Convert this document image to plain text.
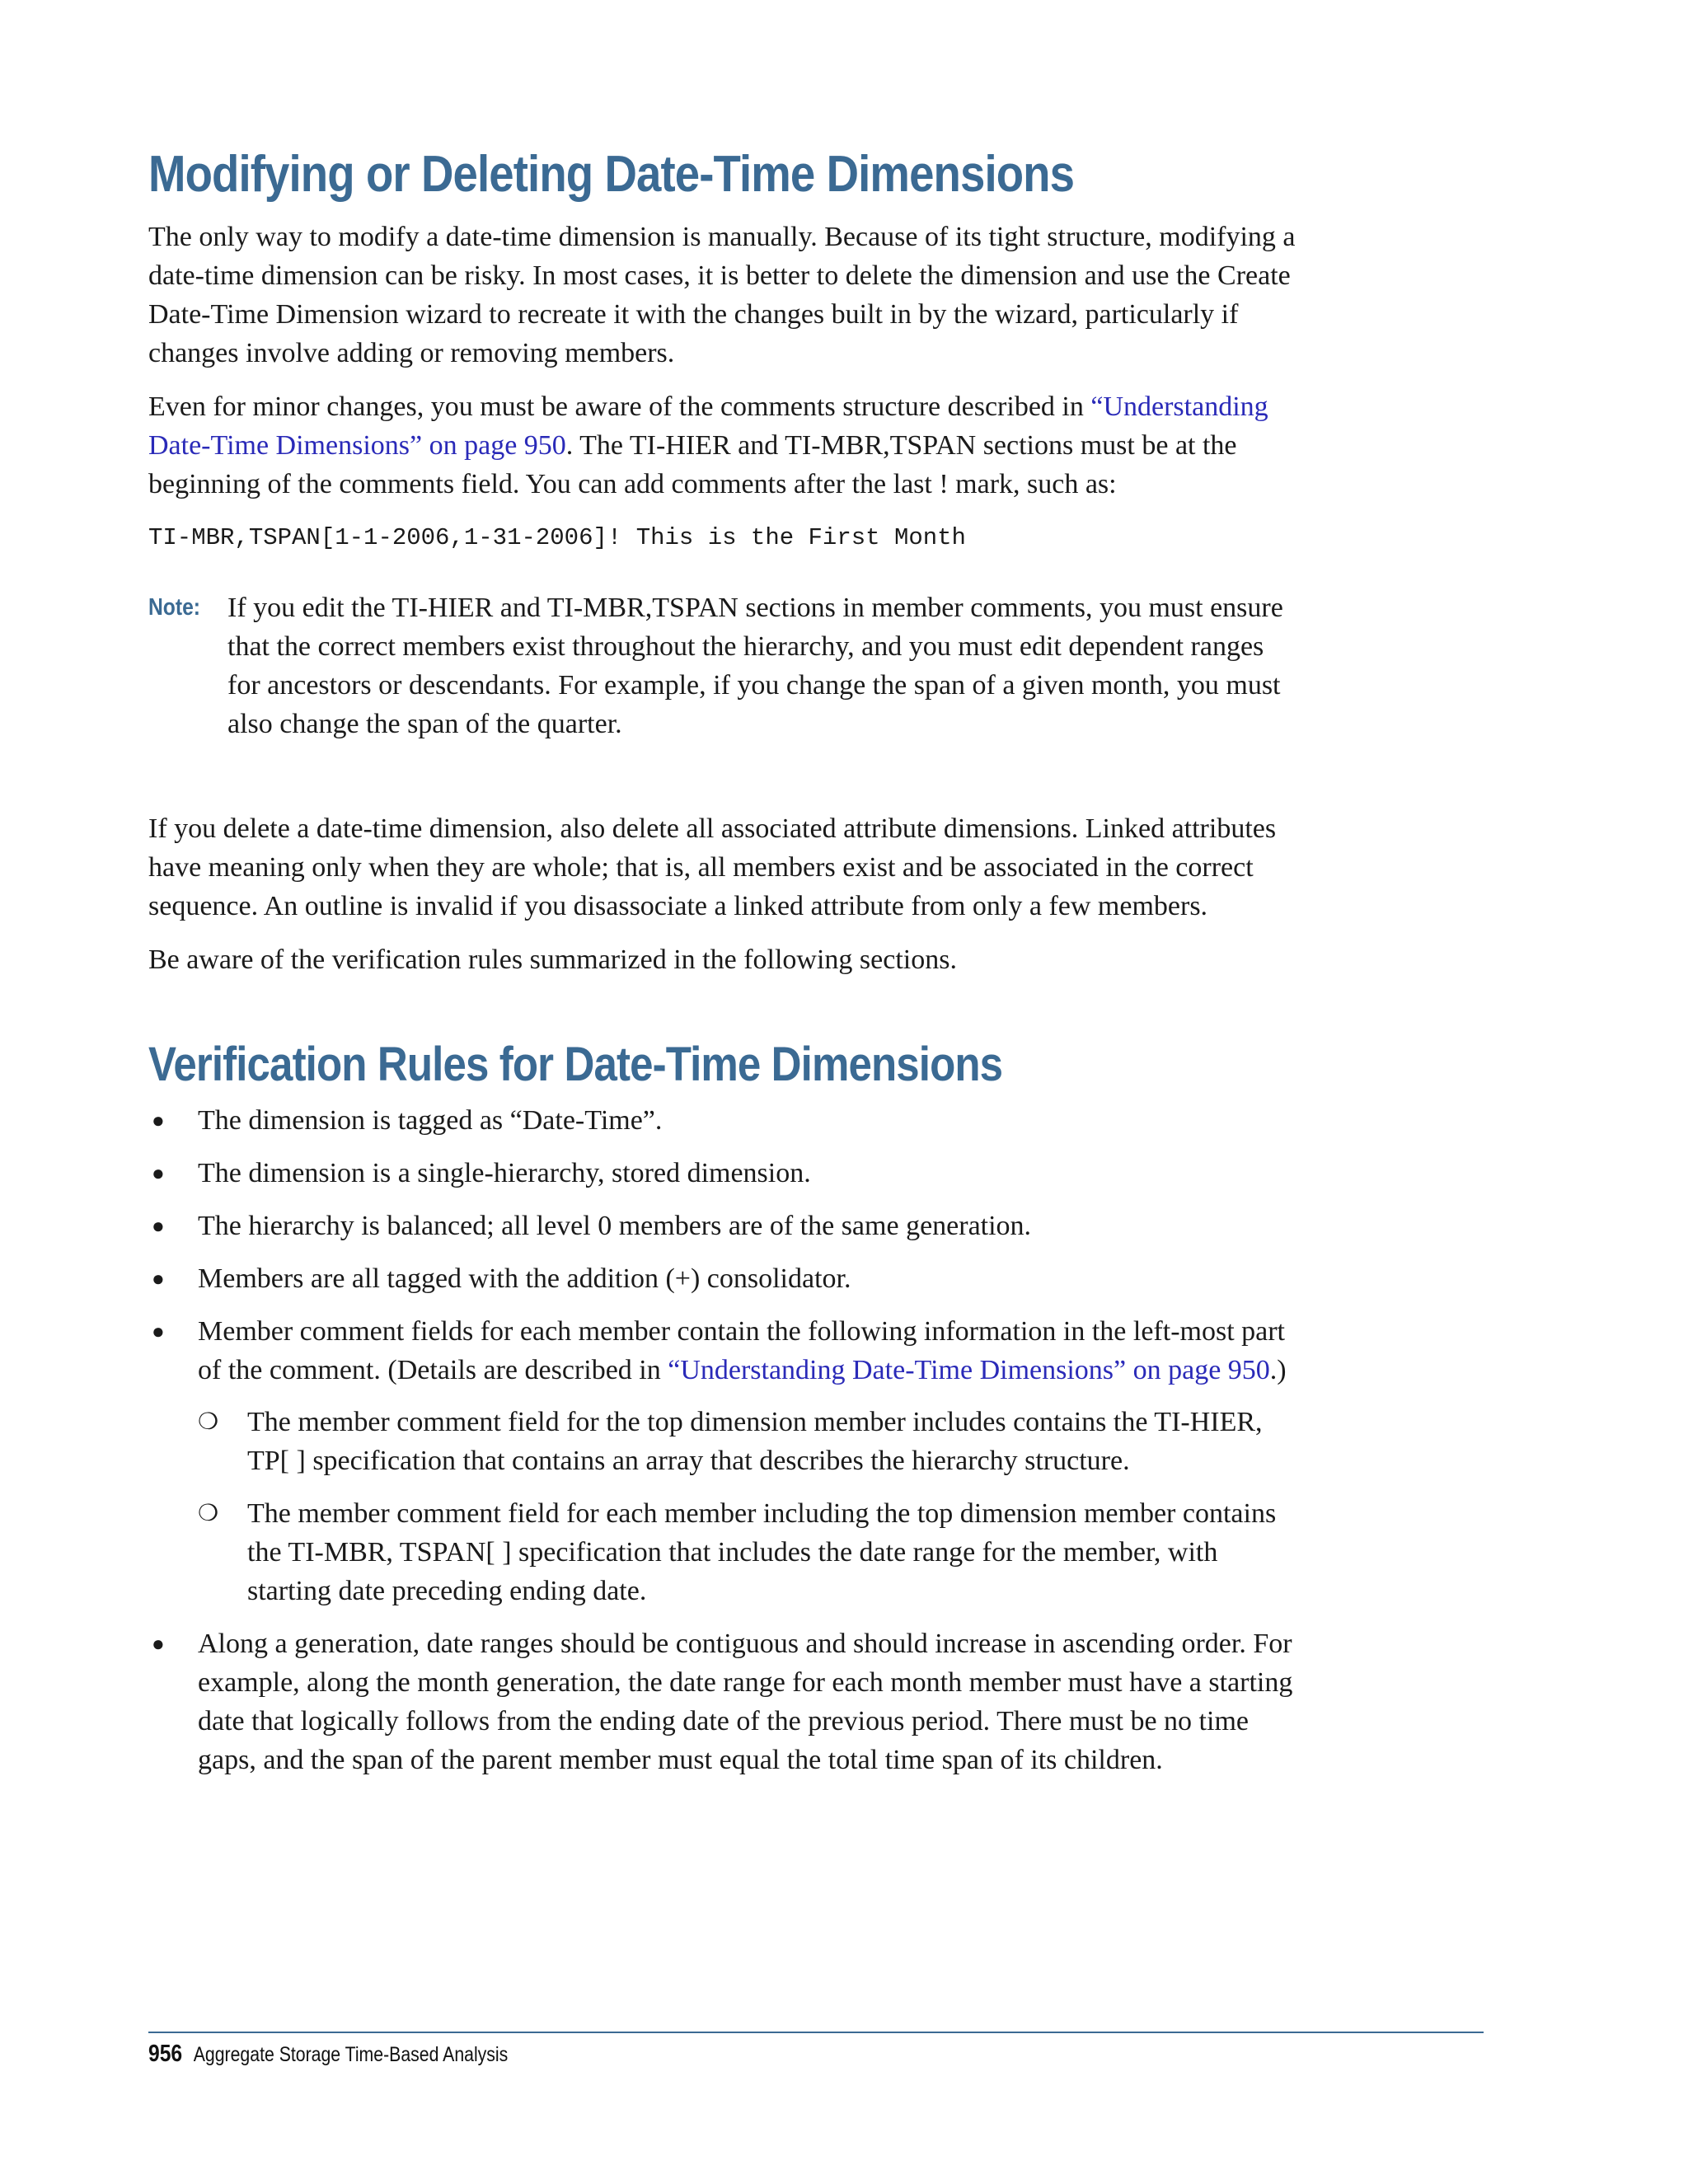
Modifying or Deleting Date-Time Dimensions

The only way to modify a date-time dimension is manually. Because of its tight structure, modifying a date-time dimension can be risky. In most cases, it is better to delete the dimension and use the Create Date-Time Dimension wizard to recreate it with the changes built in by the wizard, particularly if changes involve adding or removing members.

Even for minor changes, you must be aware of the comments structure described in “Understanding Date-Time Dimensions” on page 950. The TI-HIER and TI-MBR,TSPAN sections must be at the beginning of the comments field. You can add comments after the last ! mark, such as:

TI-MBR,TSPAN[1-1-2006,1-31-2006]! This is the First Month
Note: If you edit the TI-HIER and TI-MBR,TSPAN sections in member comments, you must ensure that the correct members exist throughout the hierarchy, and you must edit dependent ranges for ancestors or descendants. For example, if you change the span of a given month, you must also change the span of the quarter.

If you delete a date-time dimension, also delete all associated attribute dimensions. Linked attributes have meaning only when they are whole; that is, all members exist and be associated in the correct sequence. An outline is invalid if you disassociate a linked attribute from only a few members.

Be aware of the verification rules summarized in the following sections.

Verification Rules for Date-Time Dimensions
● The dimension is tagged as “Date-Time”.
● The dimension is a single-hierarchy, stored dimension.
● The hierarchy is balanced; all level 0 members are of the same generation.
● Members are all tagged with the addition (+) consolidator.
● Member comment fields for each member contain the following information in the left-most part of the comment. (Details are described in “Understanding Date-Time Dimensions” on page 950.)
❍ The member comment field for the top dimension member includes contains the TI-HIER, TP[ ] specification that contains an array that describes the hierarchy structure.
❍ The member comment field for each member including the top dimension member contains the TI-MBR, TSPAN[ ] specification that includes the date range for the member, with starting date preceding ending date.
● Along a generation, date ranges should be contiguous and should increase in ascending order. For example, along the month generation, the date range for each month member must have a starting date that logically follows from the ending date of the previous period. There must be no time gaps, and the span of the parent member must equal the total time span of its children.
956 Aggregate Storage Time-Based Analysis
